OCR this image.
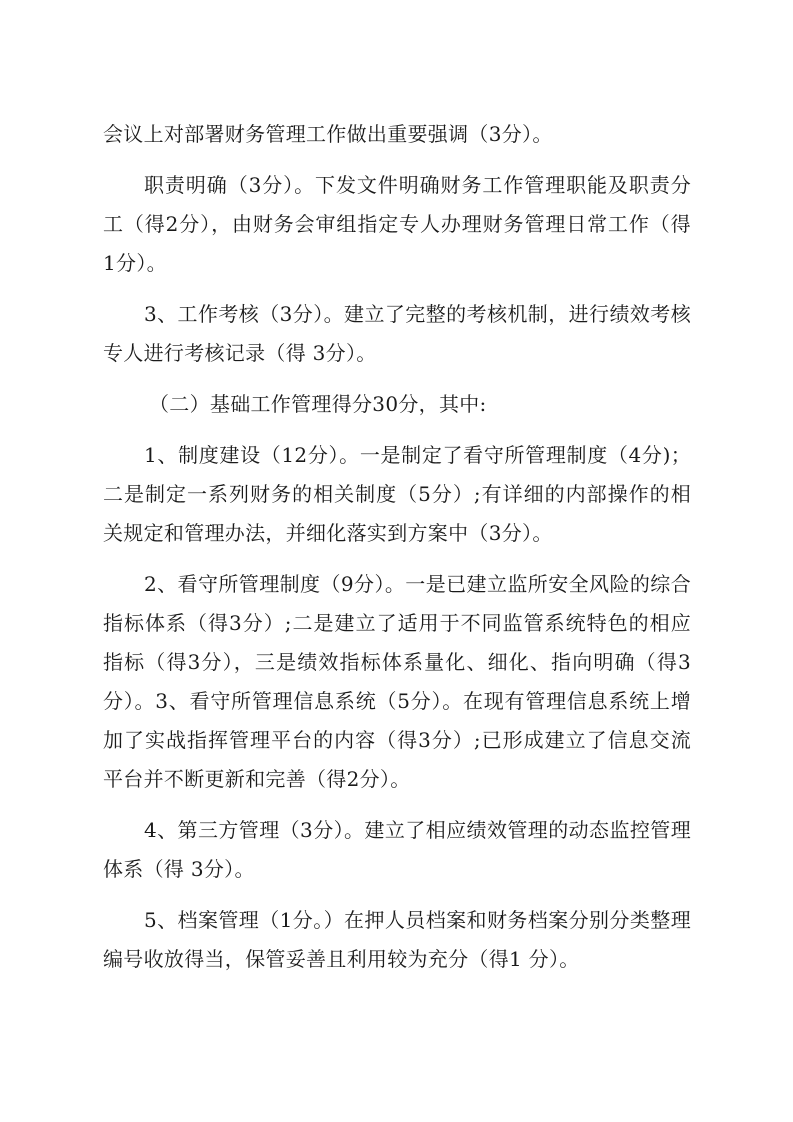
会议上对部署财务管理工作做出重要强调（3分）。

职责明确（3分）。下发文件明确财务工作管理职能及职责分工（得2分），由财务会审组指定专人办理财务管理日常工作（得 1分）。

3、工作考核（3分）。建立了完整的考核机制，进行绩效考核专人进行考核记录（得 3分）。

（二）基础工作管理得分30分，其中:

1、制度建设（12分）。一是制定了看守所管理制度（4分)；二是制定一系列财务的相关制度（5分）;有详细的内部操作的相关规定和管理办法，并细化落实到方案中（3分）。

2、看守所管理制度（9分）。一是已建立监所安全风险的综合指标体系（得3分）;二是建立了适用于不同监管系统特色的相应指标（得3分），三是绩效指标体系量化、细化、指向明确（得3分）。3、看守所管理信息系统（5分）。在现有管理信息系统上增加了实战指挥管理平台的内容（得3分）;已形成建立了信息交流平台并不断更新和完善（得2分）。

4、第三方管理（3分）。建立了相应绩效管理的动态监控管理体系（得 3分）。

5、档案管理（1分。）在押人员档案和财务档案分别分类整理编号收放得当，保管妥善且利用较为充分（得1 分）。
